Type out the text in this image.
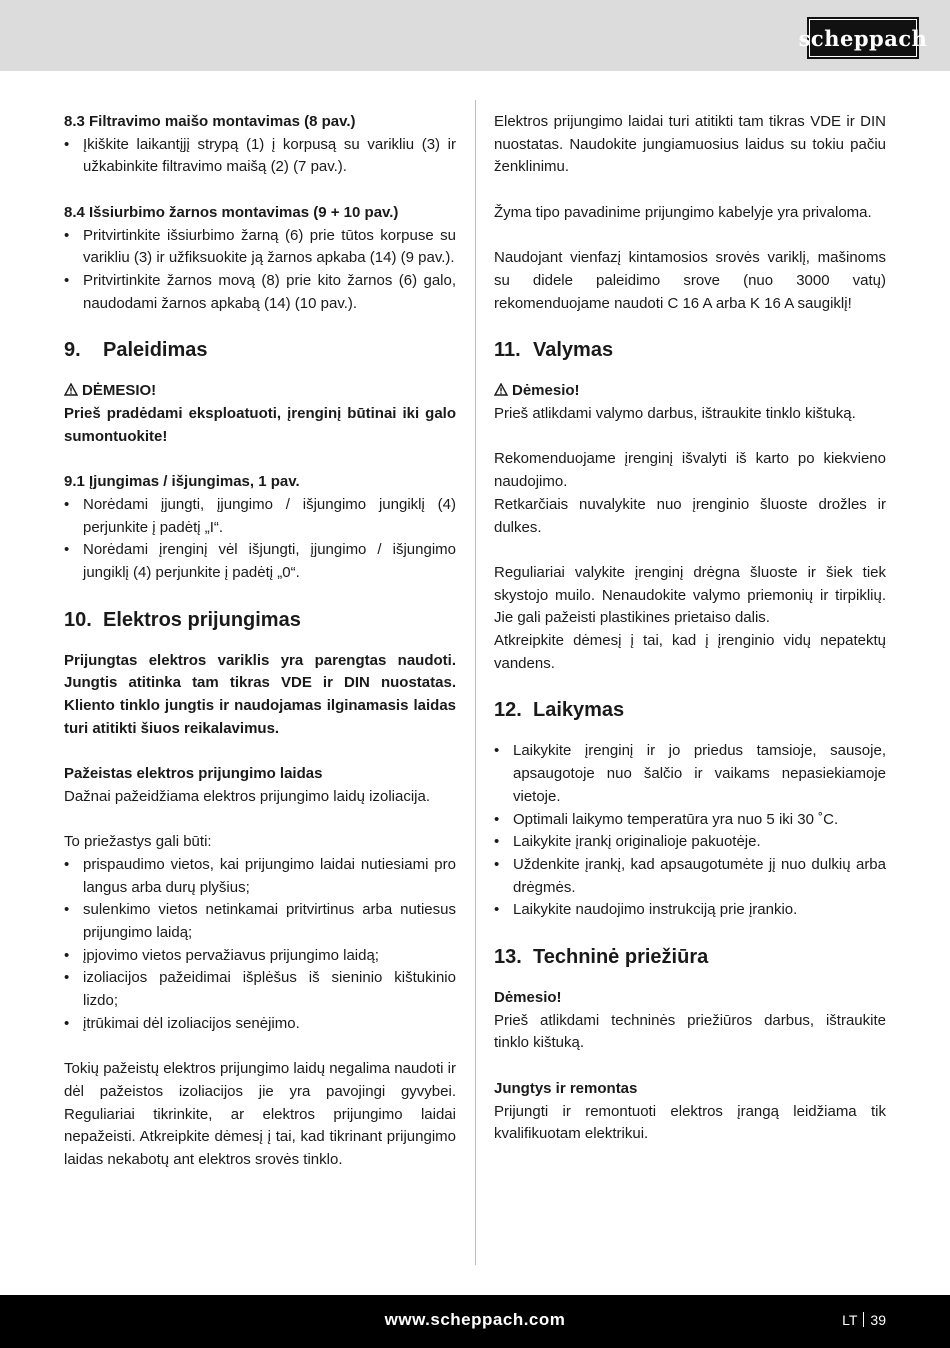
scheppach

8.3 Filtravimo maišo montavimas (8 pav.)

• Įkiškite laikantįjį strypą (1) į korpusą su varikliu (3) ir užkabinkite filtravimo maišą (2) (7 pav.).

8.4 Išsiurbimo žarnos montavimas (9 + 10 pav.)

• Pritvirtinkite išsiurbimo žarną (6) prie tūtos korpuse su varikliu (3) ir užfiksuokite ją žarnos apkaba (14) (9 pav.).
• Pritvirtinkite žarnos movą (8) prie kito žarnos (6) galo, naudodami žarnos apkabą (14) (10 pav.).
9. Paleidimas

DĖMESIO!

Prieš pradėdami eksploatuoti, įrenginį būtinai iki galo sumontuokite!

9.1 Įjungimas / išjungimas, 1 pav.

• Norėdami įjungti, įjungimo / išjungimo jungiklį (4) perjunkite į padėtį „I“.
• Norėdami įrenginį vėl išjungti, įjungimo / išjungimo jungiklį (4) perjunkite į padėtį „0“.
10. Elektros prijungimas

Prijungtas elektros variklis yra parengtas naudoti. Jungtis atitinka tam tikras VDE ir DIN nuostatas. Kliento tinklo jungtis ir naudojamas ilginamasis laidas turi atitikti šiuos reikalavimus.

Pažeistas elektros prijungimo laidas

Dažnai pažeidžiama elektros prijungimo laidų izoliacija.

To priežastys gali būti:

• prispaudimo vietos, kai prijungimo laidai nutiesiami pro langus arba durų plyšius;
• sulenkimo vietos netinkamai pritvirtinus arba nutiesus prijungimo laidą;
• įpjovimo vietos pervažiavus prijungimo laidą;
• izoliacijos pažeidimai išplėšus iš sieninio kištukinio lizdo;
• įtrūkimai dėl izoliacijos senėjimo.

Tokių pažeistų elektros prijungimo laidų negalima naudoti ir dėl pažeistos izoliacijos jie yra pavojingi gyvybei. Reguliariai tikrinkite, ar elektros prijungimo laidai nepažeisti. Atkreipkite dėmesį į tai, kad tikrinant prijungimo laidas nekabotų ant elektros srovės tinklo.

Elektros prijungimo laidai turi atitikti tam tikras VDE ir DIN nuostatas. Naudokite jungiamuosius laidus su tokiu pačiu ženklinimu.

Žyma tipo pavadinime prijungimo kabelyje yra privaloma.

Naudojant vienfazį kintamosios srovės variklį, mašinoms su didele paleidimo srove (nuo 3000 vatų) rekomenduojame naudoti C 16 A arba K 16 A saugiklį!

11. Valymas

Dėmesio!

Prieš atlikdami valymo darbus, ištraukite tinklo kištuką.

Rekomenduojame įrenginį išvalyti iš karto po kiekvieno naudojimo.

Retkarčiais nuvalykite nuo įrenginio šluoste drožles ir dulkes.

Reguliariai valykite įrenginį drėgna šluoste ir šiek tiek skystojo muilo. Nenaudokite valymo priemonių ir tirpiklių. Jie gali pažeisti plastikines prietaiso dalis.

Atkreipkite dėmesį į tai, kad į įrenginio vidų nepatektų vandens.

12. Laikymas
• Laikykite įrenginį ir jo priedus tamsioje, sausoje, apsaugotoje nuo šalčio ir vaikams nepasiekiamoje vietoje.
• Optimali laikymo temperatūra yra nuo 5 iki 30 ˚C.
• Laikykite įrankį originalioje pakuotėje.
• Uždenkite įrankį, kad apsaugotumėte jį nuo dulkių arba drėgmės.
• Laikykite naudojimo instrukciją prie įrankio.
13. Techninė priežiūra

Dėmesio!

Prieš atlikdami techninės priežiūros darbus, ištraukite tinklo kištuką.

Jungtys ir remontas

Prijungti ir remontuoti elektros įrangą leidžiama tik kvalifikuotam elektrikui.

www.scheppach.com	LT 39
